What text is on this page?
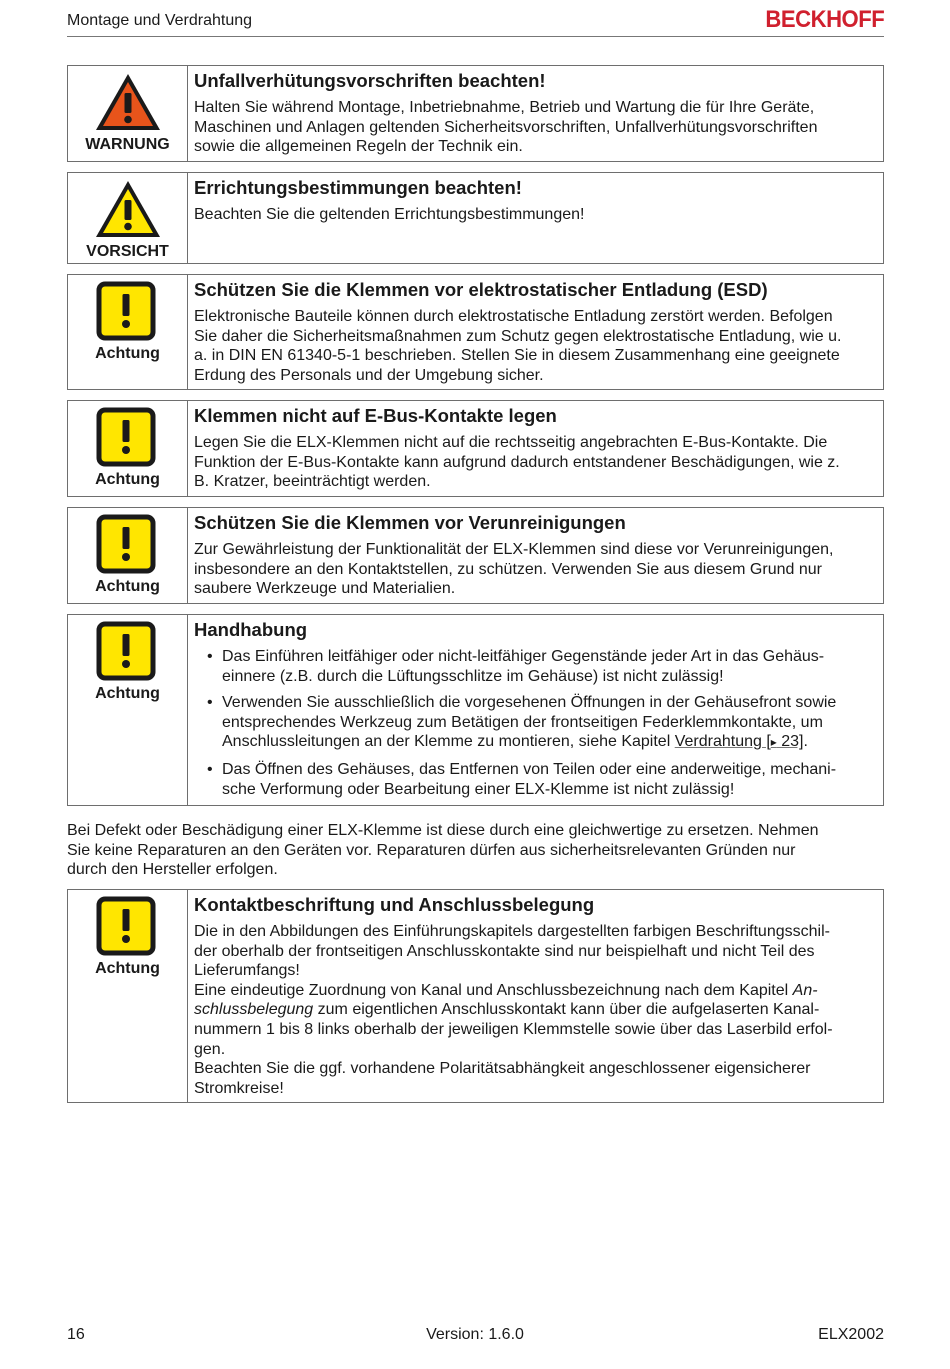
Montage und Verdrahtung	BECKHOFF
WARNUNG
Unfallverhütungsvorschriften beachten!

Halten Sie während Montage, Inbetriebnahme, Betrieb und Wartung die für Ihre Geräte,
Maschinen und Anlagen geltenden Sicherheitsvorschriften, Unfallverhütungsvorschriften
sowie die allgemeinen Regeln der Technik ein.

VORSICHT
Errichtungsbestimmungen beachten!

Beachten Sie die geltenden Errichtungsbestimmungen!

Achtung
Schützen Sie die Klemmen vor elektrostatischer Entladung (ESD)

Elektronische Bauteile können durch elektrostatische Entladung zerstört werden. Befolgen
Sie daher die Sicherheitsmaßnahmen zum Schutz gegen elektrostatische Entladung, wie u.
a. in DIN EN 61340-5-1 beschrieben. Stellen Sie in diesem Zusammenhang eine geeignete
Erdung des Personals und der Umgebung sicher.

Achtung
Klemmen nicht auf E-Bus-Kontakte legen

Legen Sie die ELX-Klemmen nicht auf die rechtsseitig angebrachten E-Bus-Kontakte. Die
Funktion der E-Bus-Kontakte kann aufgrund dadurch entstandener Beschädigungen, wie z.
B. Kratzer, beeinträchtigt werden.

Achtung
Schützen Sie die Klemmen vor Verunreinigungen

Zur Gewährleistung der Funktionalität der ELX-Klemmen sind diese vor Verunreinigungen,
insbesondere an den Kontaktstellen, zu schützen. Verwenden Sie aus diesem Grund nur
saubere Werkzeuge und Materialien.

Achtung
Handhabung
• Das Einführen leitfähiger oder nicht-leitfähiger Gegenstände jeder Art in das Gehäus-
einnere (z.B. durch die Lüftungsschlitze im Gehäuse) ist nicht zulässig!
• Verwenden Sie ausschließlich die vorgesehenen Öffnungen in der Gehäusefront sowie
entsprechendes Werkzeug zum Betätigen der frontseitigen Federklemmkontakte, um
Anschlussleitungen an der Klemme zu montieren, siehe Kapitel Verdrahtung [▸ 23].
• Das Öffnen des Gehäuses, das Entfernen von Teilen oder eine anderweitige, mechani-
sche Verformung oder Bearbeitung einer ELX-Klemme ist nicht zulässig!
Bei Defekt oder Beschädigung einer ELX-Klemme ist diese durch eine gleichwertige zu ersetzen. Nehmen
Sie keine Reparaturen an den Geräten vor. Reparaturen dürfen aus sicherheitsrelevanten Gründen nur
durch den Hersteller erfolgen.
Achtung
Kontaktbeschriftung und Anschlussbelegung

Die in den Abbildungen des Einführungskapitels dargestellten farbigen Beschriftungsschil-
der oberhalb der frontseitigen Anschlusskontakte sind nur beispielhaft und nicht Teil des
Lieferumfangs!
Eine eindeutige Zuordnung von Kanal und Anschlussbezeichnung nach dem Kapitel An-
schlussbelegung zum eigentlichen Anschlusskontakt kann über die aufgelaserten Kanal-
nummern 1 bis 8 links oberhalb der jeweiligen Klemmstelle sowie über das Laserbild erfol-
gen.
Beachten Sie die ggf. vorhandene Polaritätsabhängkeit angeschlossener eigensicherer
Stromkreise!

16	Version: 1.6.0	ELX2002
